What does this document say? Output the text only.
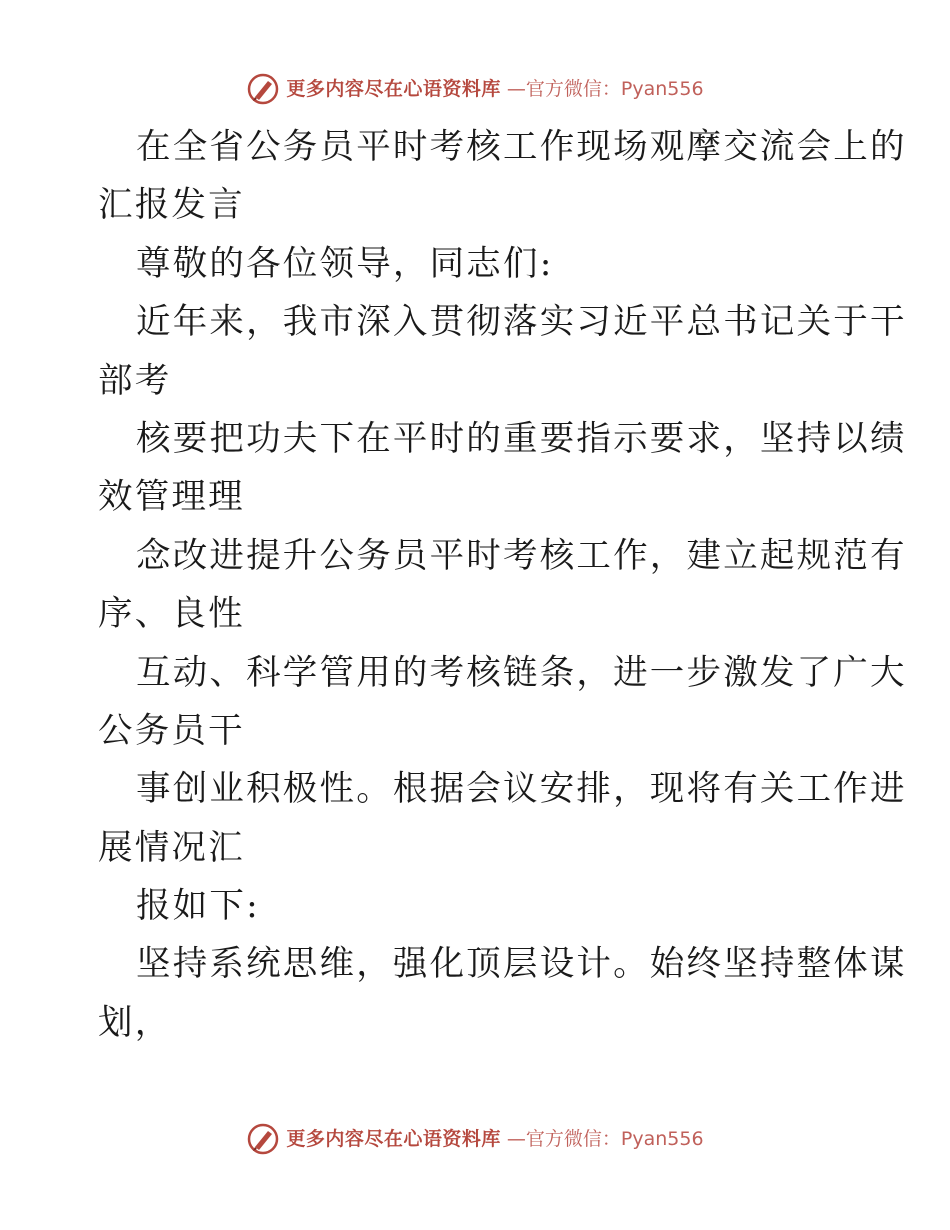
更多内容尽在心语资料库 —官方微信：Pyan556
在全省公务员平时考核工作现场观摩交流会上的
汇报发言
尊敬的各位领导，同志们:
近年来，我市深入贯彻落实习近平总书记关于干
部考
核要把功夫下在平时的重要指示要求，坚持以绩
效管理理
念改进提升公务员平时考核工作，建立起规范有
序、良性
互动、科学管用的考核链条，进一步激发了广大
公务员干
事创业积极性。根据会议安排，现将有关工作进
展情况汇
报如下:
坚持系统思维，强化顶层设计。始终坚持整体谋
划，
更多内容尽在心语资料库 —官方微信：Pyan556
